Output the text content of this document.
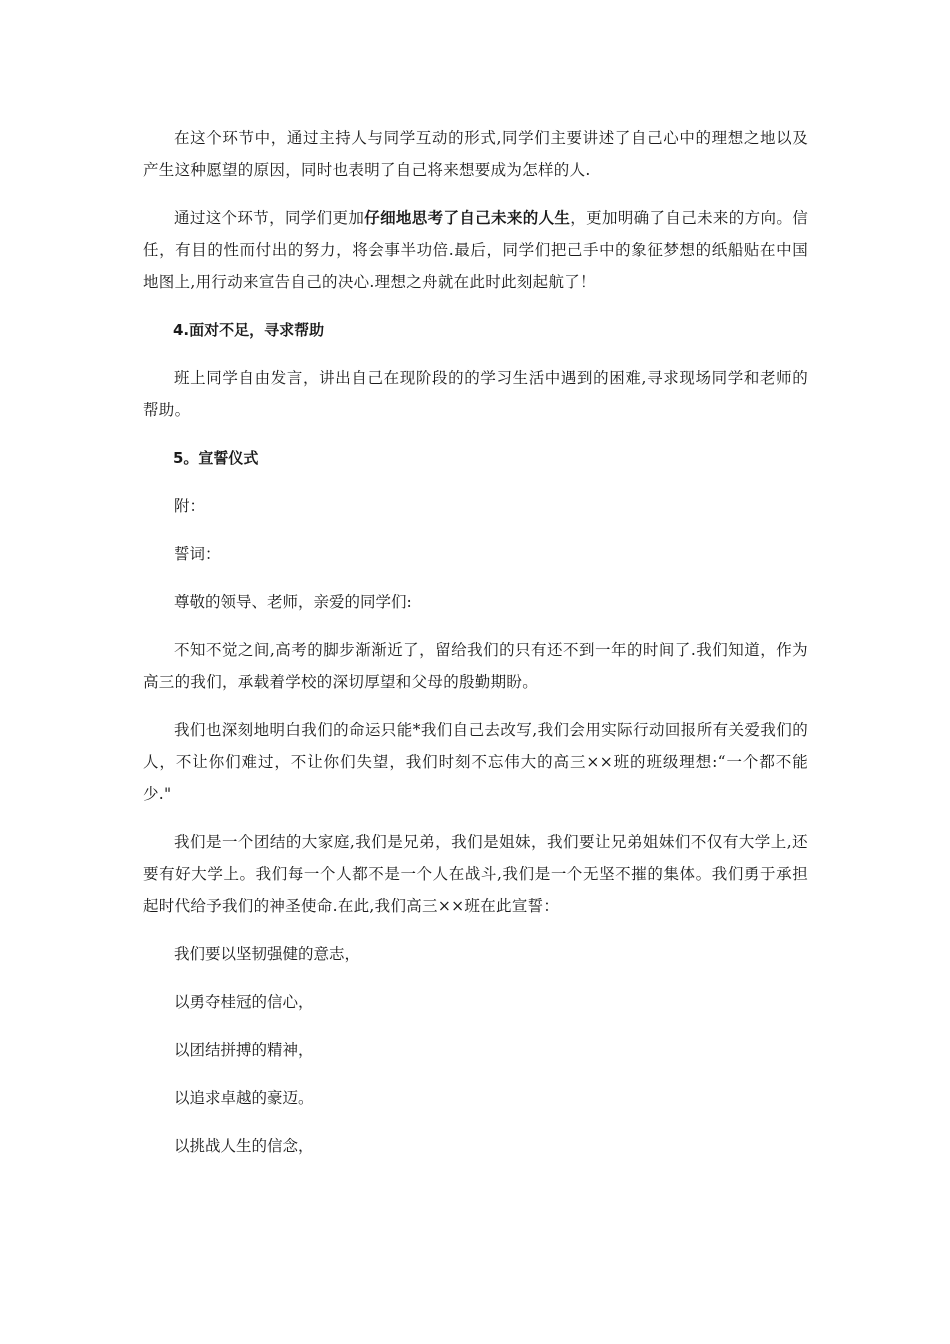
在这个环节中，通过主持人与同学互动的形式,同学们主要讲述了自己心中的理想之地以及产生这种愿望的原因，同时也表明了自己将来想要成为怎样的人.

通过这个环节，同学们更加仔细地思考了自己未来的人生，更加明确了自己未来的方向。信任，有目的性而付出的努力，将会事半功倍.最后，同学们把己手中的象征梦想的纸船贴在中国地图上,用行动来宣告自己的决心.理想之舟就在此时此刻起航了！

4.面对不足，寻求帮助

班上同学自由发言，讲出自己在现阶段的的学习生活中遇到的困难,寻求现场同学和老师的帮助。

5。宣誓仪式

附：

誓词：

尊敬的领导、老师，亲爱的同学们:

不知不觉之间,高考的脚步渐渐近了，留给我们的只有还不到一年的时间了.我们知道，作为高三的我们，承载着学校的深切厚望和父母的殷勤期盼。

我们也深刻地明白我们的命运只能*我们自己去改写,我们会用实际行动回报所有关爱我们的人，不让你们难过，不让你们失望，我们时刻不忘伟大的高三××班的班级理想:“一个都不能少."

我们是一个团结的大家庭,我们是兄弟，我们是姐妹，我们要让兄弟姐妹们不仅有大学上,还要有好大学上。我们每一个人都不是一个人在战斗,我们是一个无坚不摧的集体。我们勇于承担起时代给予我们的神圣使命.在此,我们高三××班在此宣誓：

我们要以坚韧强健的意志，

以勇夺桂冠的信心，

以团结拼搏的精神，

以追求卓越的豪迈。

以挑战人生的信念，
